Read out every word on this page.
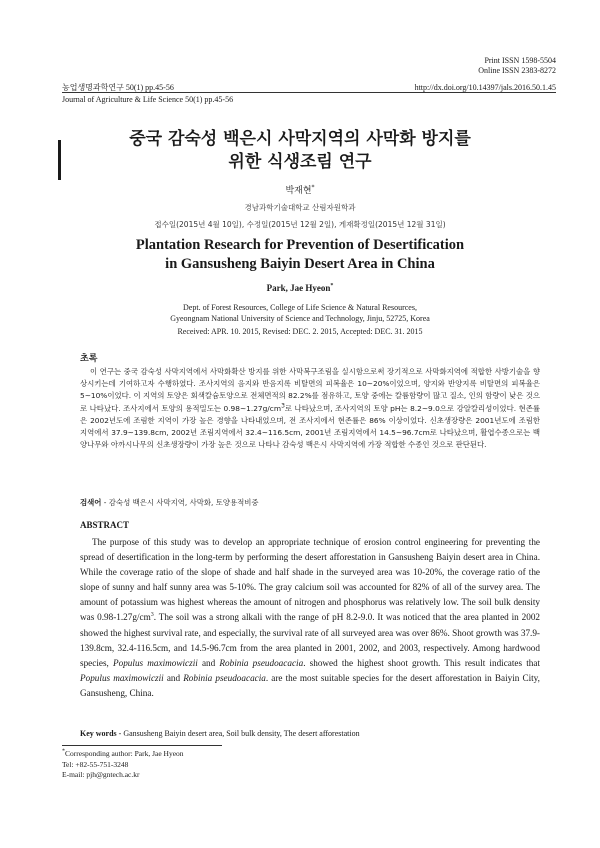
Print ISSN 1598-5504
Online ISSN 2383-8272
농업생명과학연구 50(1) pp.45-56	http://dx.doi.org/10.14397/jals.2016.50.1.45
Journal of Agriculture & Life Science 50(1) pp.45-56
중국 감숙성 백은시 사막지역의 사막화 방지를
위한 식생조림 연구
박재현*
경남과학기술대학교 산림자원학과
접수일(2015년 4월 10일), 수정일(2015년 12월 2일), 게재확정일(2015년 12월 31일)
Plantation Research for Prevention of Desertification
in Gansusheng Baiyin Desert Area in China
Park, Jae Hyeon*
Dept. of Forest Resources, College of Life Science & Natural Resources,
Gyeongnam National University of Science and Technology, Jinju, 52725, Korea
Received: APR. 10. 2015, Revised: DEC. 2. 2015, Accepted: DEC. 31. 2015
초록
이 연구는 중국 감숙성 사막지역에서 사막화확산 방지를 위한 사막복구조림을 실시함으로써 장기적으로 사막화지역에 적합한 사방기술을 향상시키는데 기여하고자 수행하였다. 조사지역의 음지와 반음지록 비탈면의 피복율은 10~20%이었으며, 양지와 반양지록 비탈면의 피복율은 5~10%이었다. 이 지역의 토양은 회색칼슘토양으로 전체면적의 82.2%를 점유하고, 토양 중에는 칼륨함량이 많고 질소, 인의 함량이 낮은 것으로 나타났다. 조사지에서 토양의 용적밀도는 $0.98\sim 1.27g/cm^3$로 나타났으며, 조사지역의 토양 pH는 8.2~9.0으로 강알칼리성이었다. 현존률은 2002년도에 조림한 지역이 가장 높은 경향을 나타내었으며, 전 조사지에서 현존률은 86% 이상이었다. 신초생장량은 2001년도에 조림한 지역에서 37.9~139.8cm, 2002년 조림지역에서 32.4~116.5cm, 2001년 조림지역에서 14.5~96.7cm로 나타났으며, 활엽수종으로는 백양나무와 아까시나무의 신초생장량이 가장 높은 것으로 나타나 감숙성 백은시 사막지역에 가장 적합한 수종인 것으로 판단된다.
검색어 - 감숙성 백은시 사막지역, 사막화, 토양용적비중
ABSTRACT
The purpose of this study was to develop an appropriate technique of erosion control engineering for preventing the spread of desertification in the long-term by performing the desert afforestation in Gansusheng Baiyin desert area in China. While the coverage ratio of the slope of shade and half shade in the surveyed area was 10-20%, the coverage ratio of the slope of sunny and half sunny area was 5-10%. The gray calcium soil was accounted for 82% of all of the survey area. The amount of potassium was highest whereas the amount of nitrogen and phosphorus was relatively low. The soil bulk density was $0.98-1.27g/cm^3$. The soil was a strong alkali with the range of pH 8.2-9.0. It was noticed that the area planted in 2002 showed the highest survival rate, and especially, the survival rate of all surveyed area was over 86%. Shoot growth was 37.9-139.8cm, 32.4-116.5cm, and 14.5-96.7cm from the area planted in 2001, 2002, and 2003, respectively. Among hardwood species, Populus maximowiczii and Robinia pseudoacacia. showed the highest shoot growth. This result indicates that Populus maximowiczii and Robinia pseudoacacia. are the most suitable species for the desert afforestation in Baiyin City, Gansusheng, China.
Key words - Gansusheng Baiyin desert area, Soil bulk density, The desert afforestation
*Corresponding author: Park, Jae Hyeon
Tel: +82-55-751-3248
E-mail: pjh@gntech.ac.kr
